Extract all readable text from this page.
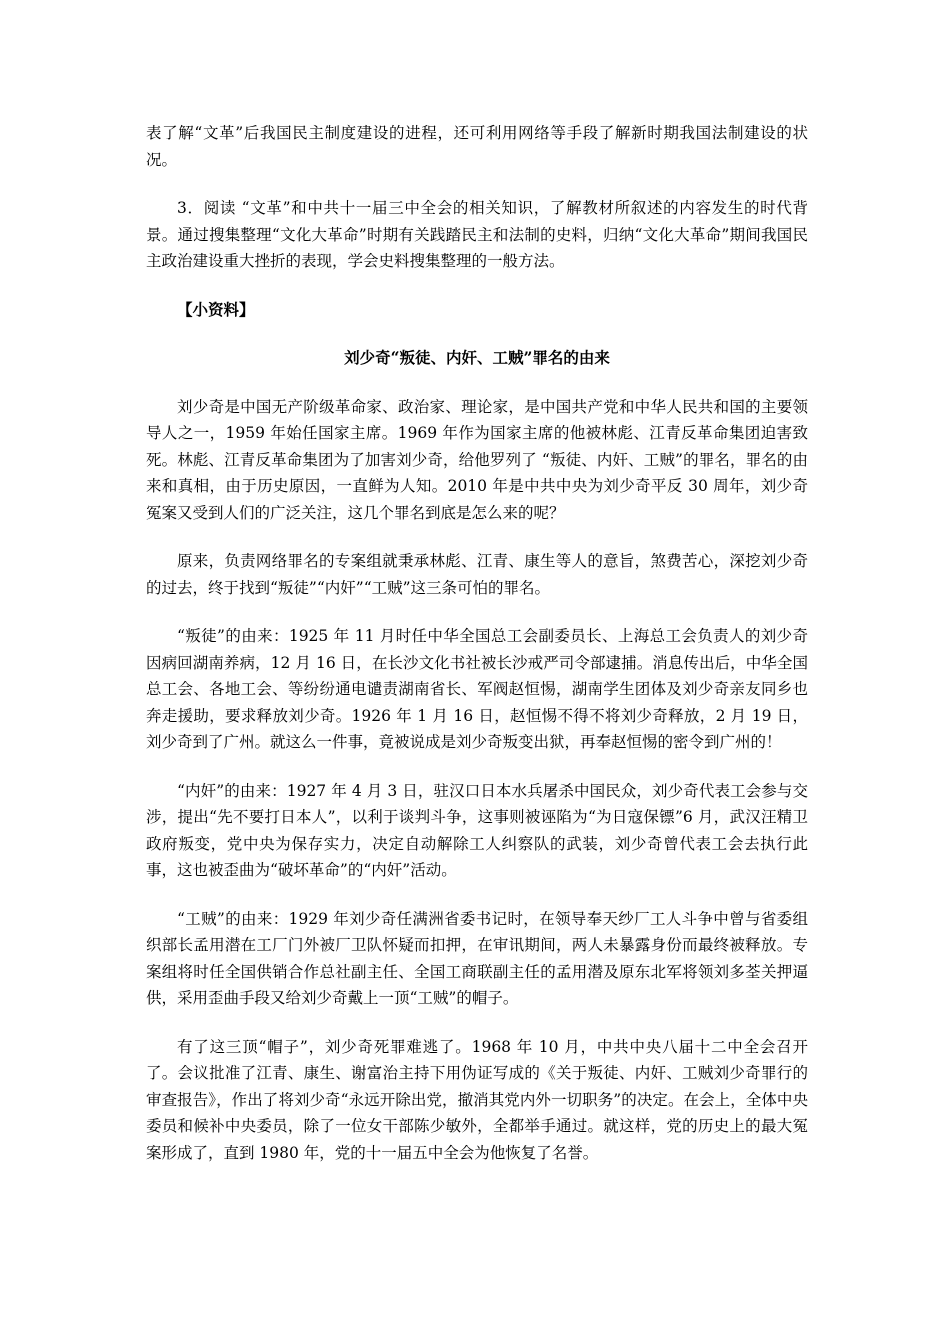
表了解“文革”后我国民主制度建设的进程，还可利用网络等手段了解新时期我国法制建设的状况。

3．阅读 “文革”和中共十一届三中全会的相关知识，了解教材所叙述的内容发生的时代背景。通过搜集整理“文化大革命”时期有关践踏民主和法制的史料，归纳“文化大革命”期间我国民主政治建设重大挫折的表现，学会史料搜集整理的一般方法。

【小资料】

刘少奇“叛徒、内奸、工贼”罪名的由来

刘少奇是中国无产阶级革命家、政治家、理论家，是中国共产党和中华人民共和国的主要领导人之一，1959 年始任国家主席。1969 年作为国家主席的他被林彪、江青反革命集团迫害致死。林彪、江青反革命集团为了加害刘少奇，给他罗列了 “叛徒、内奸、工贼”的罪名，罪名的由来和真相，由于历史原因，一直鲜为人知。2010 年是中共中央为刘少奇平反 30 周年，刘少奇冤案又受到人们的广泛关注，这几个罪名到底是怎么来的呢？

原来，负责网络罪名的专案组就秉承林彪、江青、康生等人的意旨，煞费苦心，深挖刘少奇的过去，终于找到“叛徒”“内奸”“工贼”这三条可怕的罪名。

“叛徒”的由来：1925 年 11 月时任中华全国总工会副委员长、上海总工会负责人的刘少奇因病回湖南养病，12 月 16 日，在长沙文化书社被长沙戒严司令部逮捕。消息传出后，中华全国总工会、各地工会、等纷纷通电谴责湖南省长、军阀赵恒惕，湖南学生团体及刘少奇亲友同乡也奔走援助，要求释放刘少奇。1926 年 1 月 16 日，赵恒惕不得不将刘少奇释放，2 月 19 日，刘少奇到了广州。就这么一件事，竟被说成是刘少奇叛变出狱，再奉赵恒惕的密令到广州的！

“内奸”的由来：1927 年 4 月 3 日，驻汉口日本水兵屠杀中国民众，刘少奇代表工会参与交涉，提出“先不要打日本人”，以利于谈判斗争，这事则被诬陷为“为日寇保镖”6 月，武汉汪精卫政府叛变，党中央为保存实力，决定自动解除工人纠察队的武装，刘少奇曾代表工会去执行此事，这也被歪曲为“破坏革命”的“内奸”活动。

“工贼”的由来：1929 年刘少奇任满洲省委书记时，在领导奉天纱厂工人斗争中曾与省委组织部长孟用潜在工厂门外被厂卫队怀疑而扣押，在审讯期间，两人未暴露身份而最终被释放。专案组将时任全国供销合作总社副主任、全国工商联副主任的孟用潜及原东北军将领刘多荃关押逼供，采用歪曲手段又给刘少奇戴上一顶“工贼”的帽子。

有了这三顶“帽子”，刘少奇死罪难逃了。1968 年 10 月，中共中央八届十二中全会召开了。会议批准了江青、康生、谢富治主持下用伪证写成的《关于叛徒、内奸、工贼刘少奇罪行的审查报告》，作出了将刘少奇“永远开除出党，撤消其党内外一切职务”的决定。在会上，全体中央委员和候补中央委员，除了一位女干部陈少敏外，全都举手通过。就这样，党的历史上的最大冤案形成了，直到 1980 年，党的十一届五中全会为他恢复了名誉。
